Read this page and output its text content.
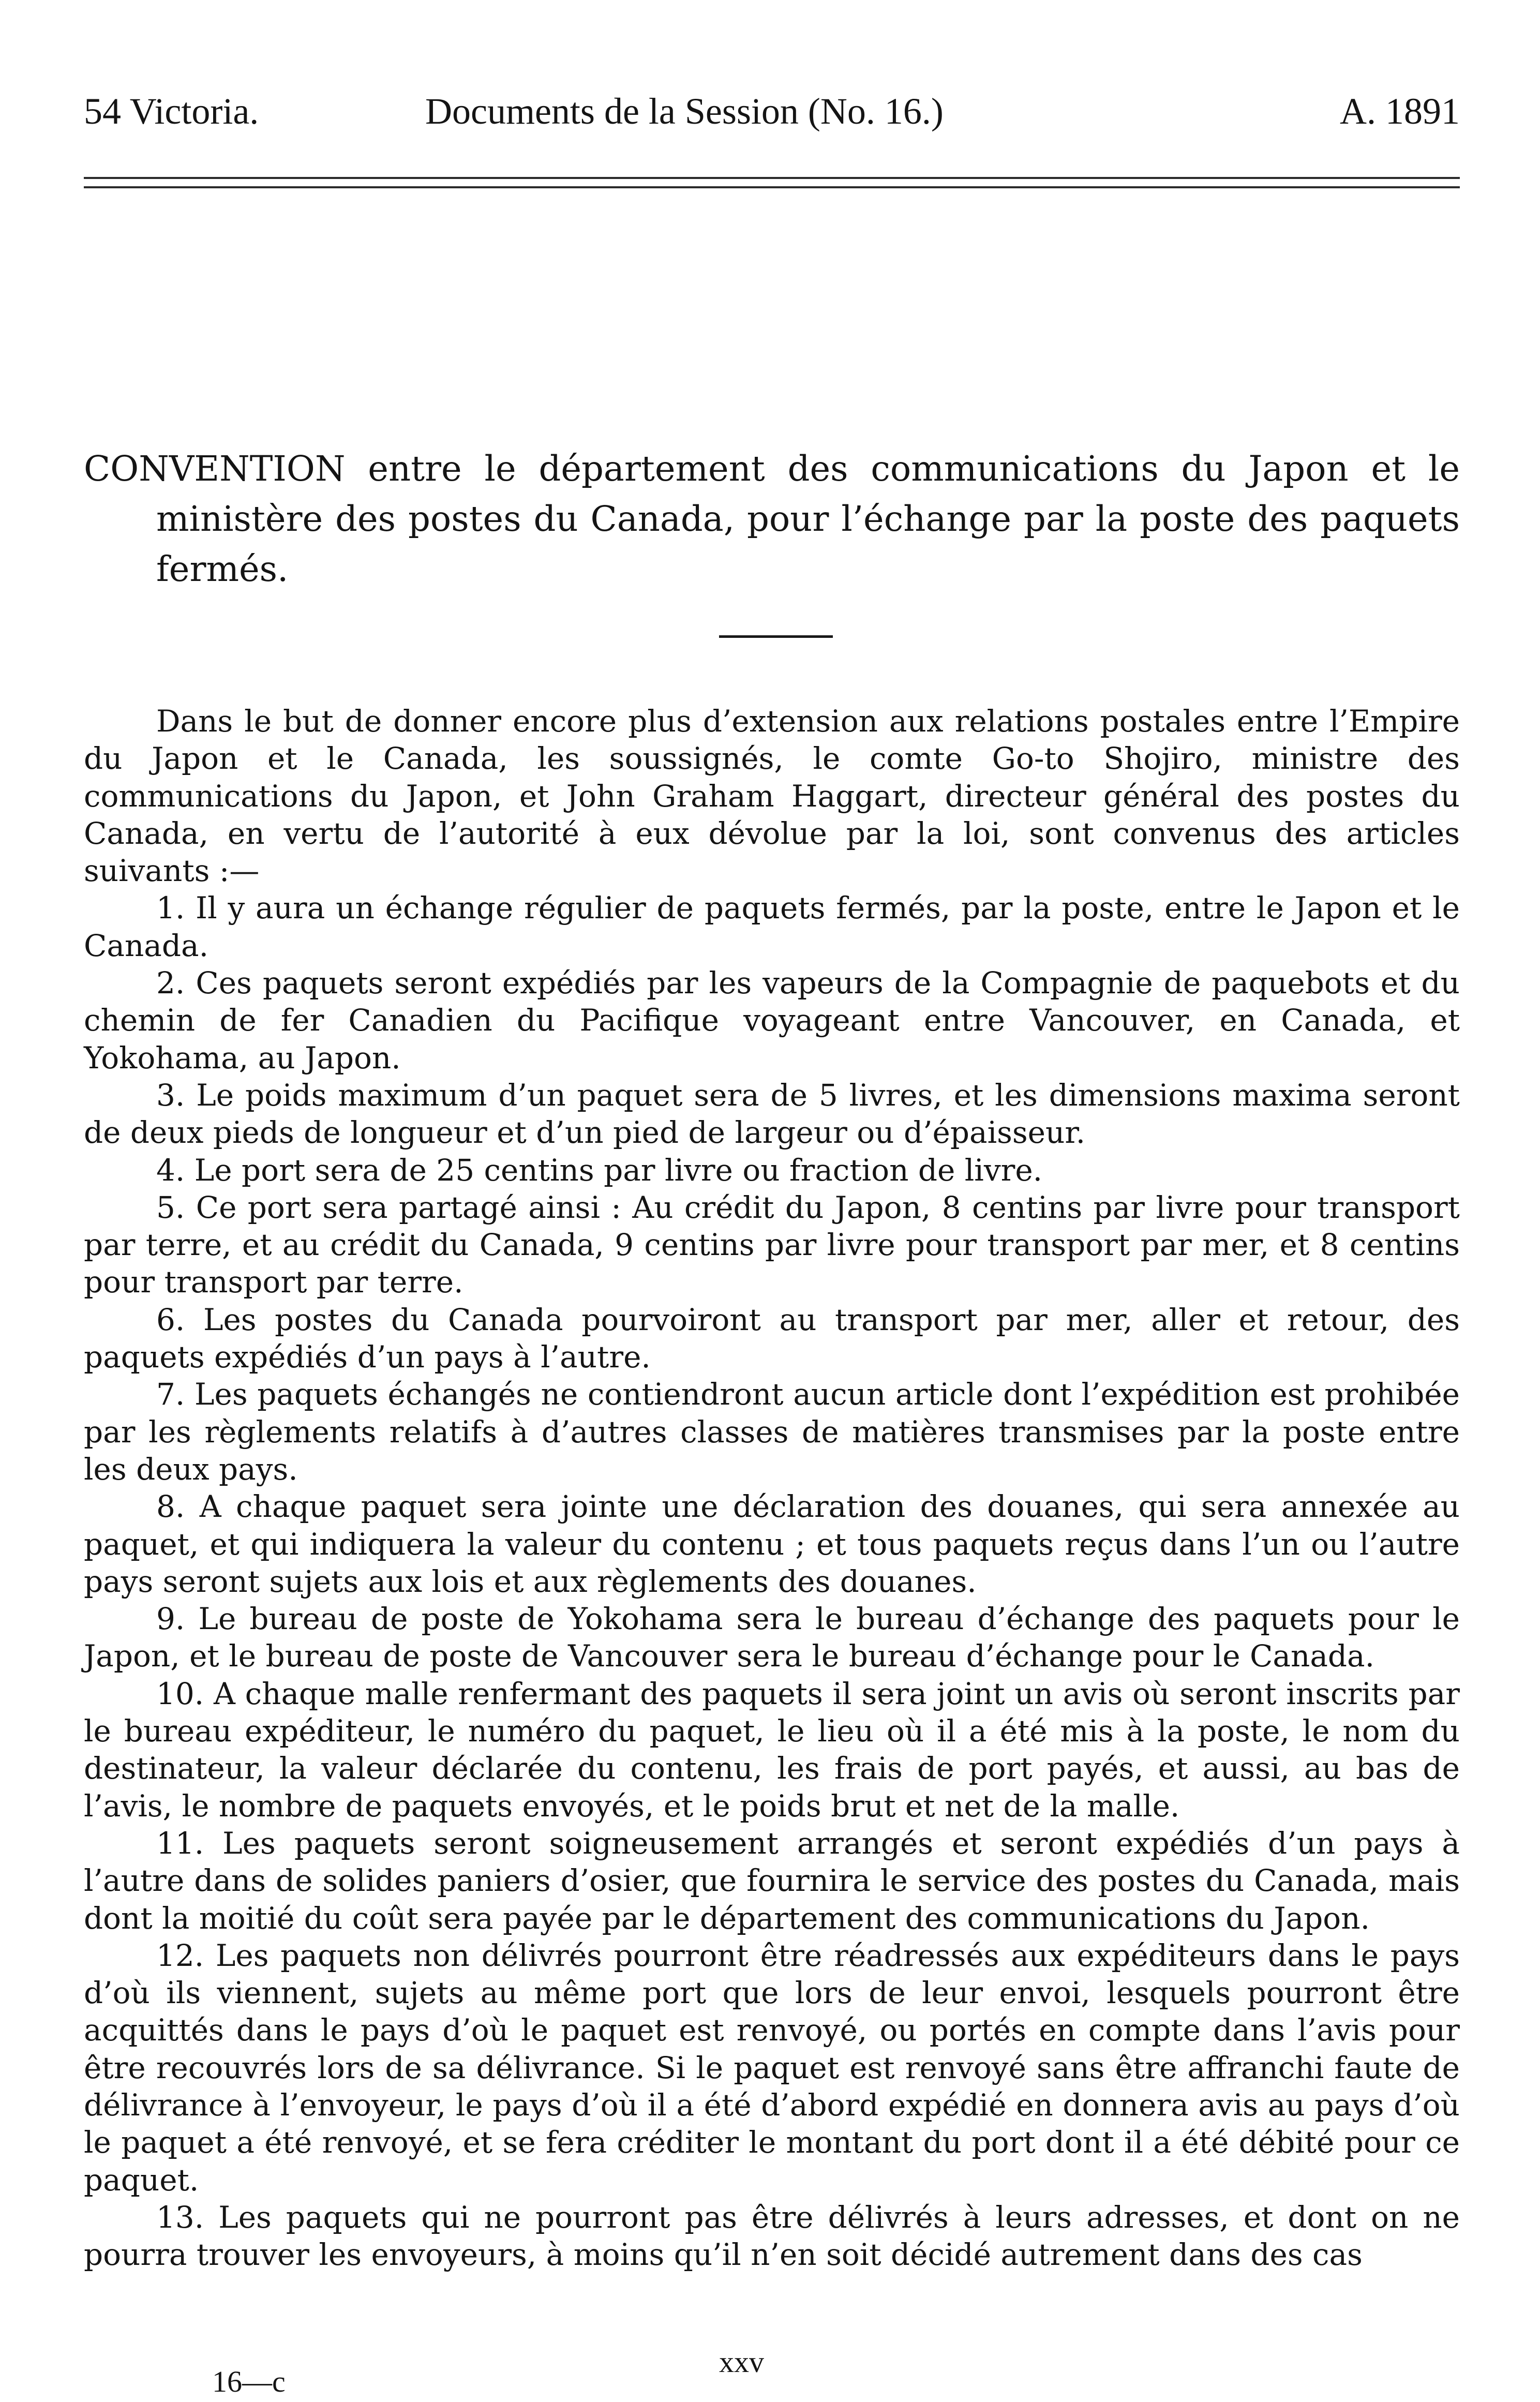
54 Victoria.	Documents de la Session (No. 16.)	A. 1891

CONVENTION entre le département des communications du Japon et le ministère des postes du Canada, pour l’échange par la poste des paquets fermés.

Dans le but de donner encore plus d’extension aux relations postales entre l’Empire du Japon et le Canada, les soussignés, le comte Go-to Shojiro, ministre des communications du Japon, et John Graham Haggart, directeur général des postes du Canada, en vertu de l’autorité à eux dévolue par la loi, sont convenus des articles suivants :—

1. Il y aura un échange régulier de paquets fermés, par la poste, entre le Japon et le Canada.

2. Ces paquets seront expédiés par les vapeurs de la Compagnie de paquebots et du chemin de fer Canadien du Pacifique voyageant entre Vancouver, en Canada, et Yokohama, au Japon.

3. Le poids maximum d’un paquet sera de 5 livres, et les dimensions maxima seront de deux pieds de longueur et d’un pied de largeur ou d’épaisseur.

4. Le port sera de 25 centins par livre ou fraction de livre.

5. Ce port sera partagé ainsi : Au crédit du Japon, 8 centins par livre pour transport par terre, et au crédit du Canada, 9 centins par livre pour transport par mer, et 8 centins pour transport par terre.

6. Les postes du Canada pourvoiront au transport par mer, aller et retour, des paquets expédiés d’un pays à l’autre.

7. Les paquets échangés ne contiendront aucun article dont l’expédition est prohibée par les règlements relatifs à d’autres classes de matières transmises par la poste entre les deux pays.

8. A chaque paquet sera jointe une déclaration des douanes, qui sera annexée au paquet, et qui indiquera la valeur du contenu ; et tous paquets reçus dans l’un ou l’autre pays seront sujets aux lois et aux règlements des douanes.

9. Le bureau de poste de Yokohama sera le bureau d’échange des paquets pour le Japon, et le bureau de poste de Vancouver sera le bureau d’échange pour le Canada.

10. A chaque malle renfermant des paquets il sera joint un avis où seront inscrits par le bureau expéditeur, le numéro du paquet, le lieu où il a été mis à la poste, le nom du destinateur, la valeur déclarée du contenu, les frais de port payés, et aussi, au bas de l’avis, le nombre de paquets envoyés, et le poids brut et net de la malle.

11. Les paquets seront soigneusement arrangés et seront expédiés d’un pays à l’autre dans de solides paniers d’osier, que fournira le service des postes du Canada, mais dont la moitié du coût sera payée par le département des communications du Japon.

12. Les paquets non délivrés pourront être réadressés aux expéditeurs dans le pays d’où ils viennent, sujets au même port que lors de leur envoi, lesquels pourront être acquittés dans le pays d’où le paquet est renvoyé, ou portés en compte dans l’avis pour être recouvrés lors de sa délivrance. Si le paquet est renvoyé sans être affranchi faute de délivrance à l’envoyeur, le pays d’où il a été d’abord expédié en donnera avis au pays d’où le paquet a été renvoyé, et se fera créditer le montant du port dont il a été débité pour ce paquet.

13. Les paquets qui ne pourront pas être délivrés à leurs adresses, et dont on ne pourra trouver les envoyeurs, à moins qu’il n’en soit décidé autrement dans des cas

xxv
16—c
